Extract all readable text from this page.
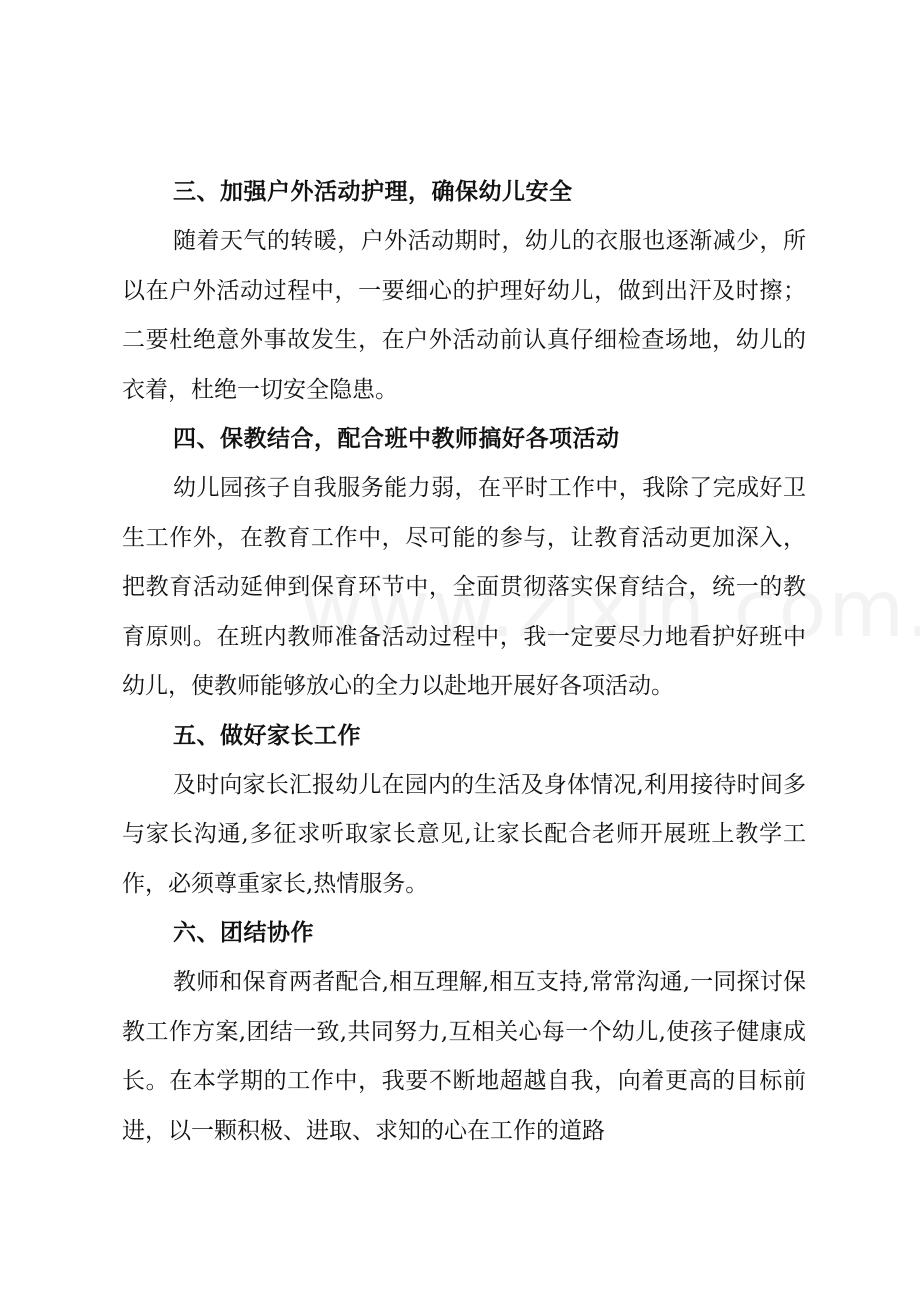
三、加强户外活动护理，确保幼儿安全

随着天气的转暖，户外活动期时，幼儿的衣服也逐渐减少，所以在户外活动过程中，一要细心的护理好幼儿，做到出汗及时擦；二要杜绝意外事故发生，在户外活动前认真仔细检查场地，幼儿的衣着，杜绝一切安全隐患。

四、保教结合，配合班中教师搞好各项活动

幼儿园孩子自我服务能力弱，在平时工作中，我除了完成好卫生工作外，在教育工作中，尽可能的参与，让教育活动更加深入，把教育活动延伸到保育环节中，全面贯彻落实保育结合，统一的教育原则。在班内教师准备活动过程中，我一定要尽力地看护好班中幼儿，使教师能够放心的全力以赴地开展好各项活动。

五、做好家长工作

及时向家长汇报幼儿在园内的生活及身体情况,利用接待时间多与家长沟通,多征求听取家长意见,让家长配合老师开展班上教学工作，必须尊重家长,热情服务。

六、团结协作

教师和保育两者配合,相互理解,相互支持,常常沟通,一同探讨保教工作方案,团结一致,共同努力,互相关心每一个幼儿,使孩子健康成长。在本学期的工作中，我要不断地超越自我，向着更高的目标前进，以一颗积极、进取、求知的心在工作的道路
